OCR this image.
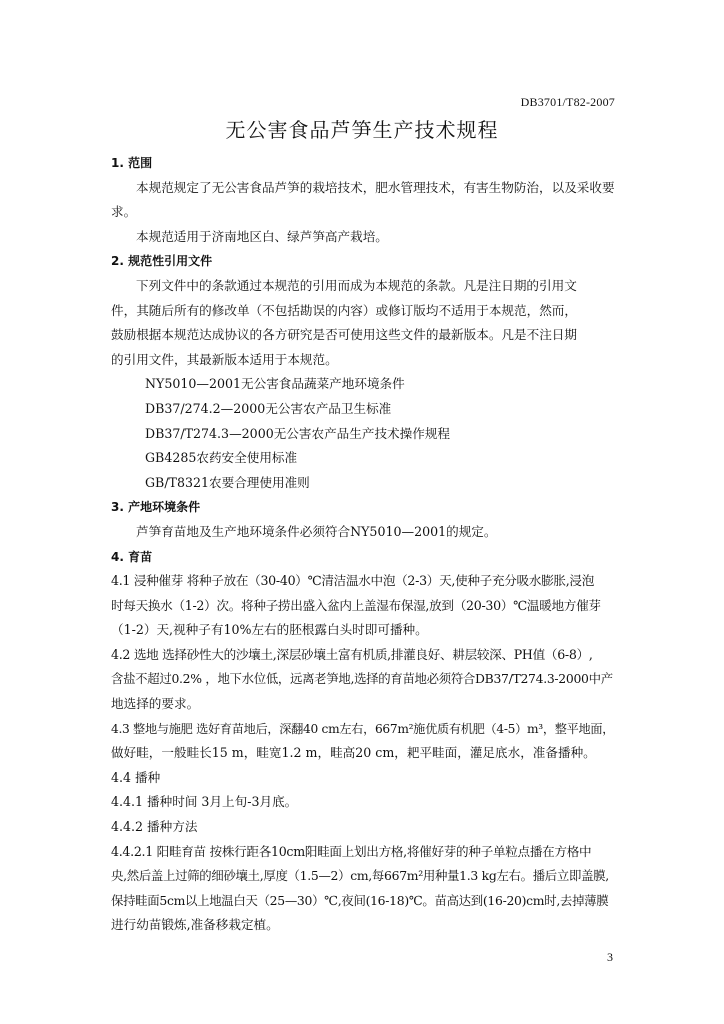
DB3701/T82-2007
无公害食品芦笋生产技术规程
1. 范围
本规范规定了无公害食品芦笋的栽培技术，肥水管理技术，有害生物防治，以及采收要
求。
本规范适用于济南地区白、绿芦笋高产栽培。
2. 规范性引用文件
下列文件中的条款通过本规范的引用而成为本规范的条款。凡是注日期的引用文
件，其随后所有的修改单（不包括勘误的内容）或修订版均不适用于本规范，然而，
鼓励根据本规范达成协议的各方研究是否可使用这些文件的最新版本。凡是不注日期
的引用文件，其最新版本适用于本规范。
NY5010—2001无公害食品蔬菜产地环境条件
DB37/274.2—2000无公害农产品卫生标准
DB37/T274.3—2000无公害农产品生产技术操作规程
GB4285农药安全使用标准
GB/T8321农要合理使用准则
3. 产地环境条件
芦笋育苗地及生产地环境条件必须符合NY5010—2001的规定。
4. 育苗
4.1 浸种催芽 将种子放在（30-40）℃清洁温水中泡（2-3）天,使种子充分吸水膨胀,浸泡
时每天换水（1-2）次。将种子捞出盛入盆内上盖湿布保湿,放到（20-30）℃温暖地方催芽
（1-2）天,视种子有10%左右的胚根露白头时即可播种。
4.2 选地 选择砂性大的沙壤土,深层砂壤土富有机质,排灌良好、耕层较深、PH值（6-8）,
含盐不超过0.2% ，地下水位低，远离老笋地,选择的育苗地必须符合DB37/T274.3-2000中产
地选择的要求。
4.3 整地与施肥 选好育苗地后，深翻40 cm左右，667m²施优质有机肥（4-5）m³，整平地面，
做好畦，一般畦长15 m，畦宽1.2 m，畦高20 cm，耙平畦面，灌足底水，准备播种。
4.4 播种
4.4.1 播种时间 3月上旬-3月底。
4.4.2 播种方法
4.4.2.1 阳畦育苗 按株行距各10cm阳畦面上划出方格,将催好芽的种子单粒点播在方格中
央,然后盖上过筛的细砂壤土,厚度（1.5—2）cm,每667m²用种量1.3 kg左右。播后立即盖膜,
保持畦面5cm以上地温白天（25—30）℃,夜间(16-18)℃。苗高达到(16-20)cm时,去掉薄膜
进行幼苗锻炼,准备移栽定植。
3
